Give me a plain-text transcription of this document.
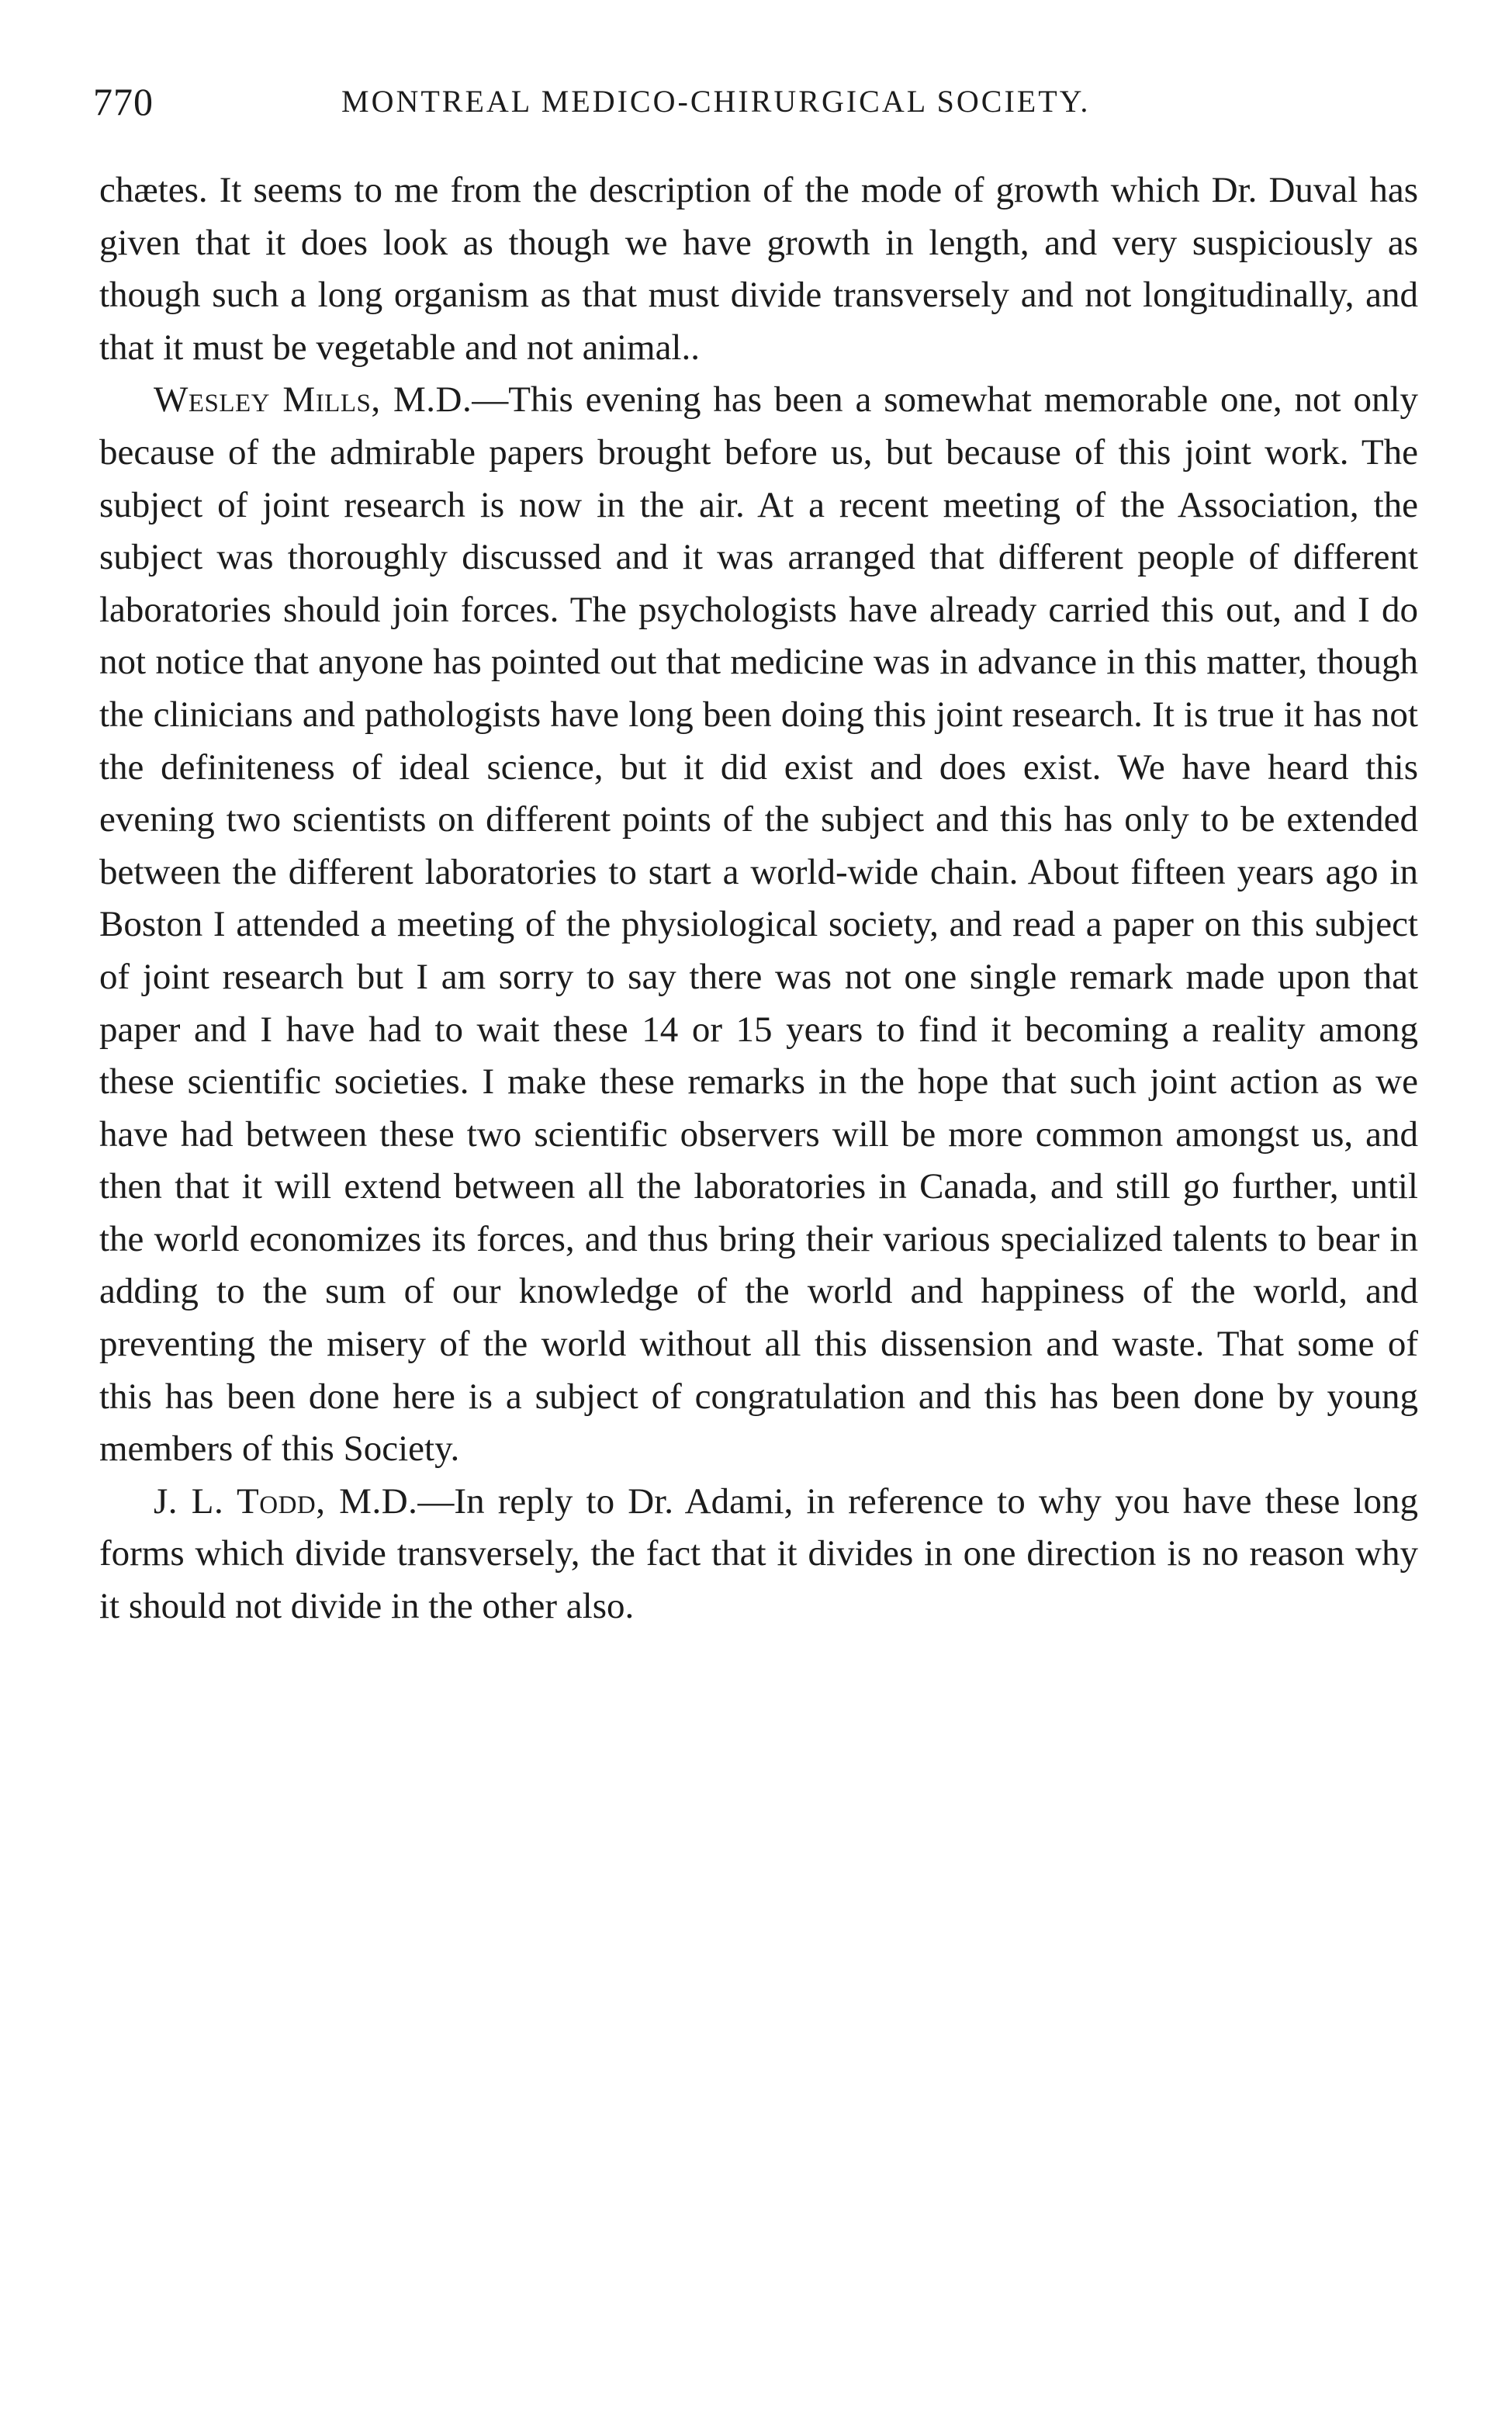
770	MONTREAL MEDICO-CHIRURGICAL SOCIETY.

chætes. It seems to me from the description of the mode of growth which Dr. Duval has given that it does look as though we have growth in length, and very suspiciously as though such a long organism as that must divide transversely and not longitudinally, and that it must be vegetable and not animal..

Wesley Mills, M.D.—This evening has been a somewhat memorable one, not only because of the admirable papers brought before us, but because of this joint work. The subject of joint research is now in the air. At a recent meeting of the Association, the subject was thoroughly discussed and it was arranged that different people of different laboratories should join forces. The psychologists have already carried this out, and I do not notice that anyone has pointed out that medicine was in advance in this matter, though the clinicians and pathologists have long been doing this joint research. It is true it has not the definiteness of ideal science, but it did exist and does exist. We have heard this evening two scientists on different points of the subject and this has only to be extended between the different laboratories to start a world-wide chain. About fifteen years ago in Boston I attended a meeting of the physiological society, and read a paper on this subject of joint research but I am sorry to say there was not one single remark made upon that paper and I have had to wait these 14 or 15 years to find it becoming a reality among these scientific societies. I make these remarks in the hope that such joint action as we have had between these two scientific observers will be more common amongst us, and then that it will extend between all the laboratories in Canada, and still go further, until the world economizes its forces, and thus bring their various specialized talents to bear in adding to the sum of our knowledge of the world and happiness of the world, and preventing the misery of the world without all this dissension and waste. That some of this has been done here is a subject of congratulation and this has been done by young members of this Society.

J. L. Todd, M.D.—In reply to Dr. Adami, in reference to why you have these long forms which divide transversely, the fact that it divides in one direction is no reason why it should not divide in the other also.
